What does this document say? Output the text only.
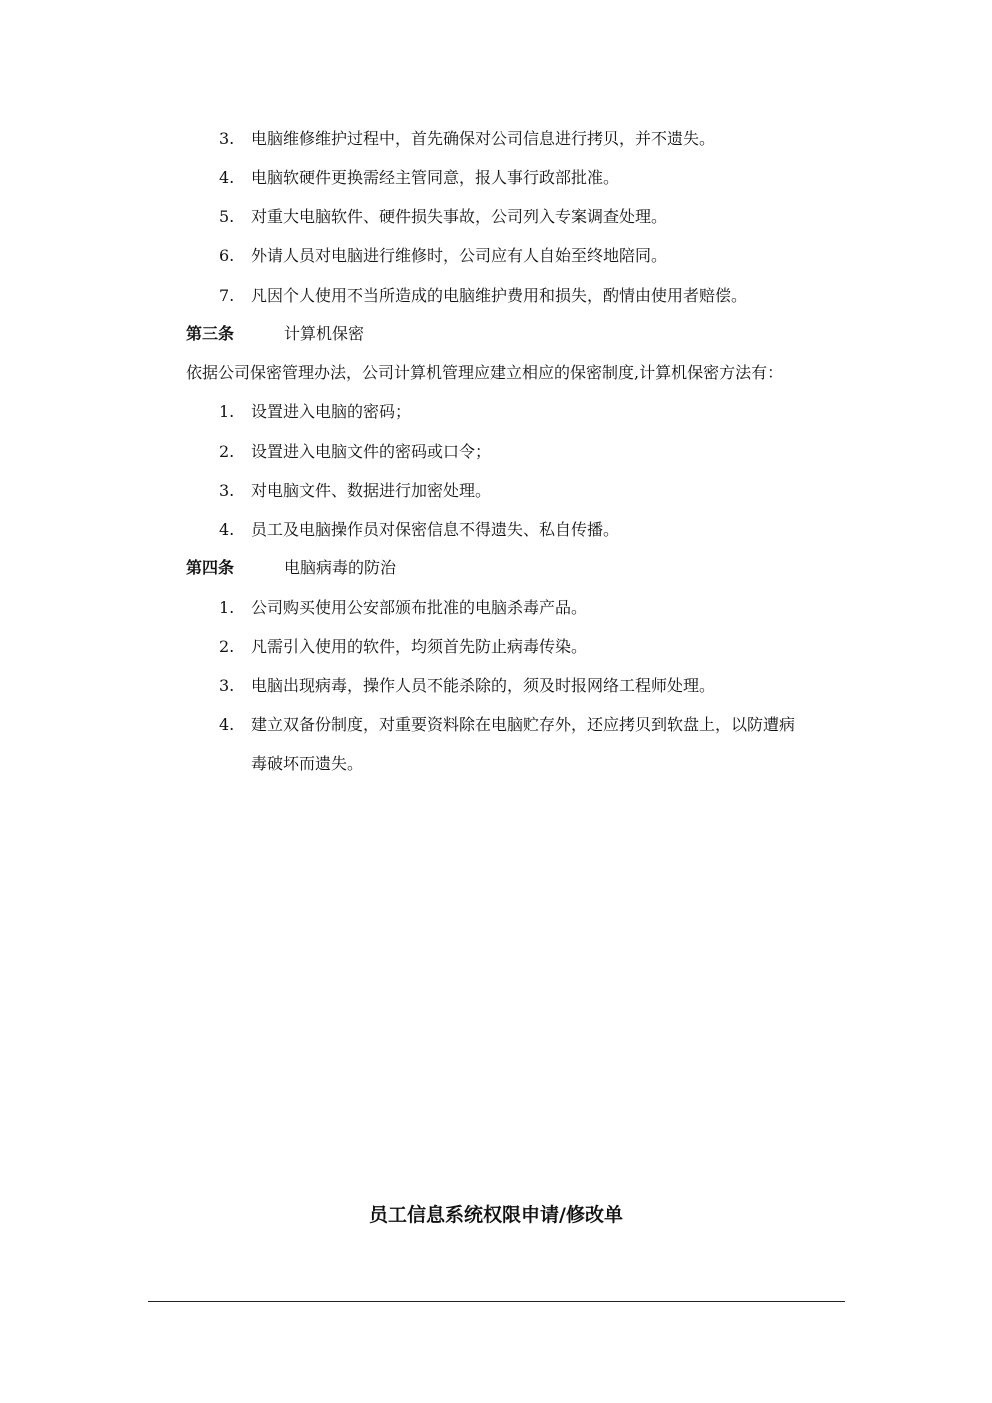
3.	电脑维修维护过程中，首先确保对公司信息进行拷贝，并不遗失。
4.	电脑软硬件更换需经主管同意，报人事行政部批准。
5.	对重大电脑软件、硬件损失事故，公司列入专案调查处理。
6.	外请人员对电脑进行维修时，公司应有人自始至终地陪同。
7.	凡因个人使用不当所造成的电脑维护费用和损失，酌情由使用者赔偿。
第三条	计算机保密
依据公司保密管理办法，公司计算机管理应建立相应的保密制度,计算机保密方法有：
1.	设置进入电脑的密码；
2.	设置进入电脑文件的密码或口令；
3.	对电脑文件、数据进行加密处理。
4.	员工及电脑操作员对保密信息不得遗失、私自传播。
第四条	电脑病毒的防治
1.	公司购买使用公安部颁布批准的电脑杀毒产品。
2.	凡需引入使用的软件，均须首先防止病毒传染。
3.	电脑出现病毒，操作人员不能杀除的，须及时报网络工程师处理。
4.	建立双备份制度，对重要资料除在电脑贮存外，还应拷贝到软盘上，以防遭病
毒破坏而遗失。
员工信息系统权限申请/修改单
